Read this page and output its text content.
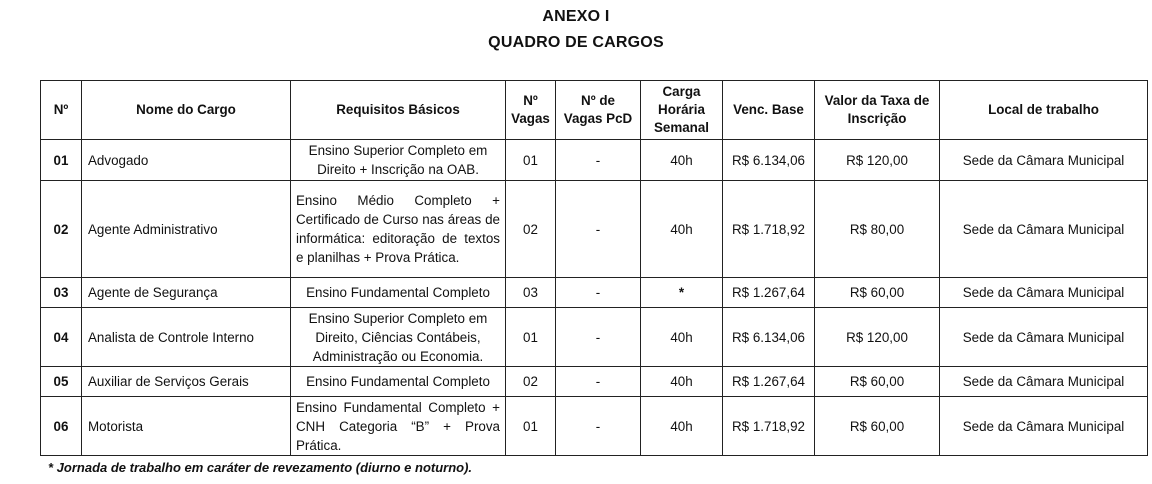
ANEXO I
QUADRO DE CARGOS
Nº	Nome do Cargo	Requisitos Básicos	Nº Vagas	Nº de Vagas PcD	Carga Horária Semanal	Venc. Base	Valor da Taxa de Inscrição	Local de trabalho
01	Advogado	Ensino Superior Completo em Direito + Inscrição na OAB.	01	-	40h	R$ 6.134,06	R$ 120,00	Sede da Câmara Municipal
02	Agente Administrativo	Ensino Médio Completo + Certificado de Curso nas áreas de informática: editoração de textos e planilhas + Prova Prática.	02	-	40h	R$ 1.718,92	R$ 80,00	Sede da Câmara Municipal
03	Agente de Segurança	Ensino Fundamental Completo	03	-	*	R$ 1.267,64	R$ 60,00	Sede da Câmara Municipal
04	Analista de Controle Interno	Ensino Superior Completo em Direito, Ciências Contábeis, Administração ou Economia.	01	-	40h	R$ 6.134,06	R$ 120,00	Sede da Câmara Municipal
05	Auxiliar de Serviços Gerais	Ensino Fundamental Completo	02	-	40h	R$ 1.267,64	R$ 60,00	Sede da Câmara Municipal
06	Motorista	Ensino Fundamental Completo + CNH Categoria “B” + Prova Prática.	01	-	40h	R$ 1.718,92	R$ 60,00	Sede da Câmara Municipal
* Jornada de trabalho em caráter de revezamento (diurno e noturno).
